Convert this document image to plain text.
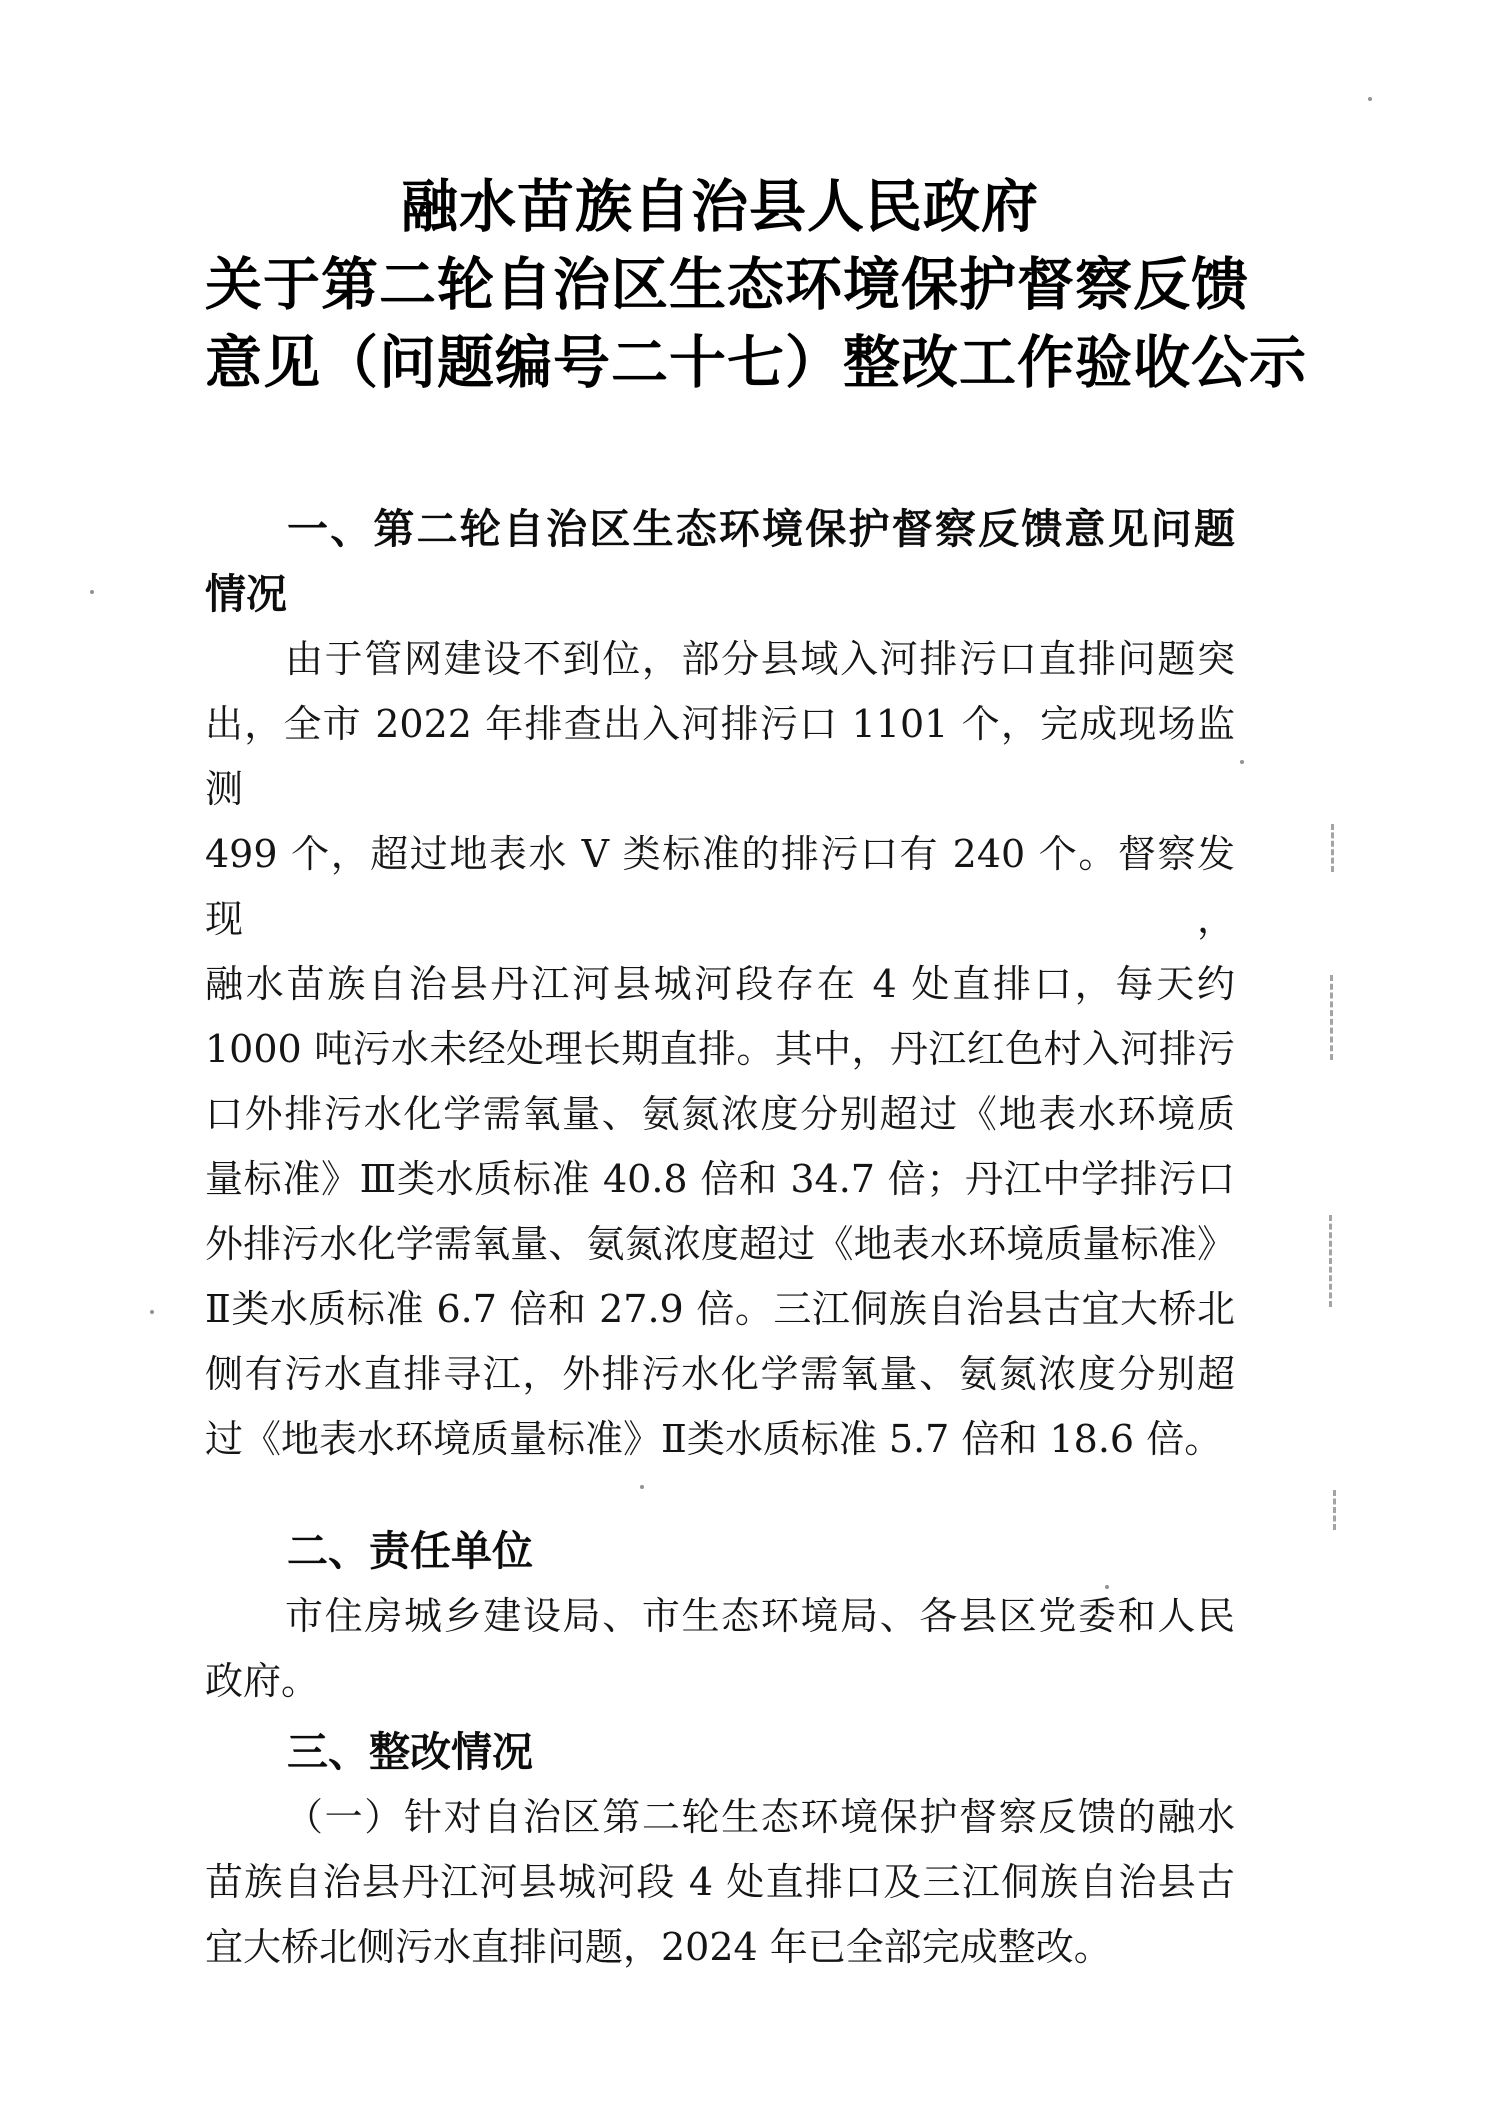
融水苗族自治县人民政府
关于第二轮自治区生态环境保护督察反馈
意见（问题编号二十七）整改工作验收公示
一、第二轮自治区生态环境保护督察反馈意见问题
情况
由于管网建设不到位，部分县域入河排污口直排问题突
出，全市 2022 年排查出入河排污口 1101 个，完成现场监测
499 个，超过地表水 V 类标准的排污口有 240 个。督察发现，
融水苗族自治县丹江河县城河段存在 4 处直排口，每天约
1000 吨污水未经处理长期直排。其中，丹江红色村入河排污
口外排污水化学需氧量、氨氮浓度分别超过《地表水环境质
量标准》Ⅲ类水质标准 40.8 倍和 34.7 倍；丹江中学排污口
外排污水化学需氧量、氨氮浓度超过《地表水环境质量标准》
Ⅱ类水质标准 6.7 倍和 27.9 倍。三江侗族自治县古宜大桥北
侧有污水直排寻江，外排污水化学需氧量、氨氮浓度分别超
过《地表水环境质量标准》Ⅱ类水质标准 5.7 倍和 18.6 倍。
二、责任单位
市住房城乡建设局、市生态环境局、各县区党委和人民
政府。
三、整改情况
（一）针对自治区第二轮生态环境保护督察反馈的融水
苗族自治县丹江河县城河段 4 处直排口及三江侗族自治县古
宜大桥北侧污水直排问题，2024 年已全部完成整改。
